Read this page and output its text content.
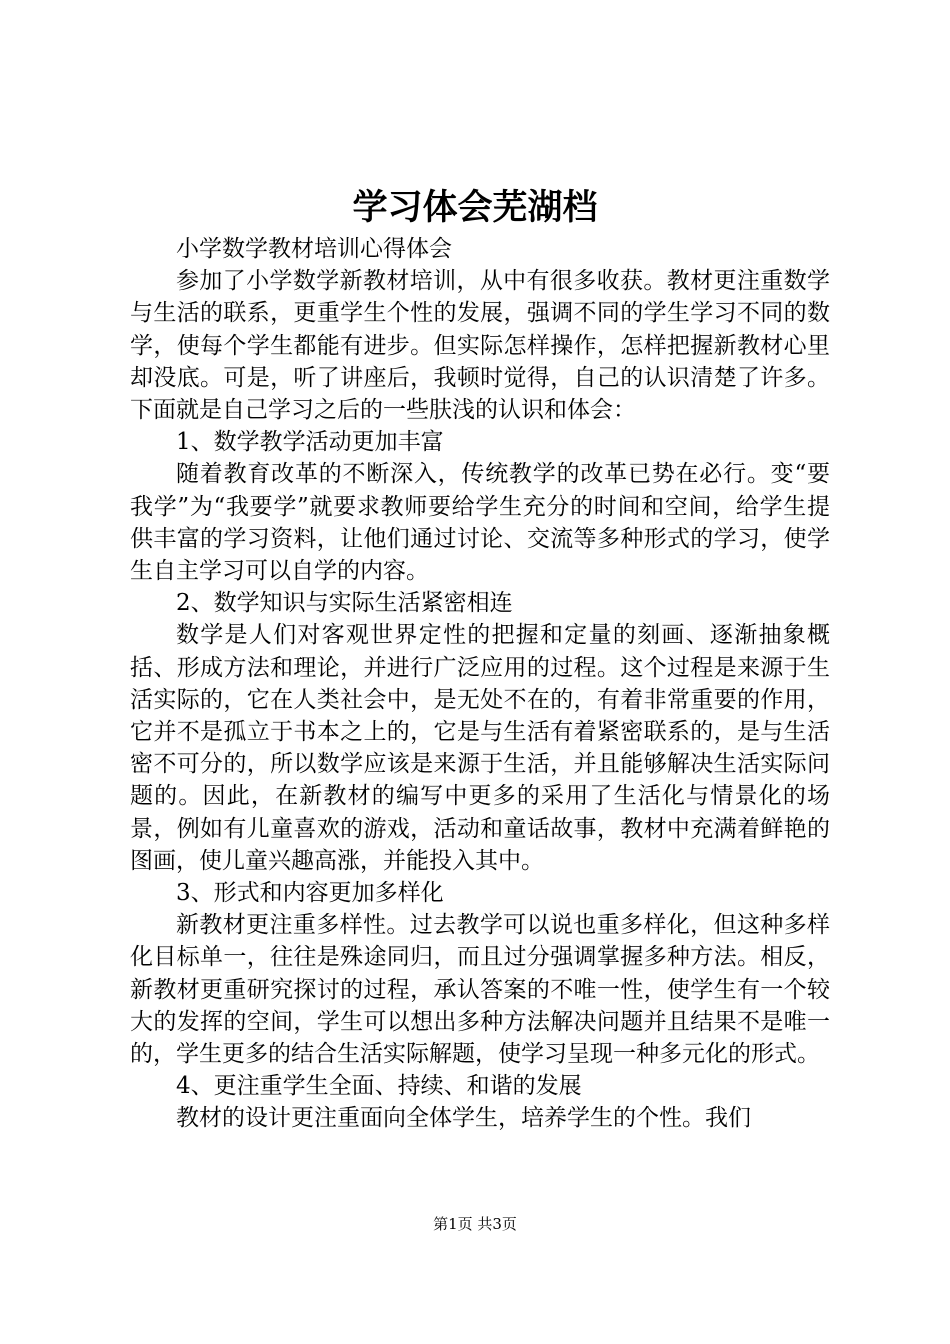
学习体会芜湖档

小学数学教材培训心得体会

参加了小学数学新教材培训，从中有很多收获。教材更注重数学与生活的联系，更重学生个性的发展，强调不同的学生学习不同的数学，使每个学生都能有进步。但实际怎样操作，怎样把握新教材心里却没底。可是，听了讲座后，我顿时觉得，自己的认识清楚了许多。下面就是自己学习之后的一些肤浅的认识和体会：

1、数学教学活动更加丰富

随着教育改革的不断深入，传统教学的改革已势在必行。变“要我学”为“我要学”就要求教师要给学生充分的时间和空间，给学生提供丰富的学习资料，让他们通过讨论、交流等多种形式的学习，使学生自主学习可以自学的内容。

2、数学知识与实际生活紧密相连

数学是人们对客观世界定性的把握和定量的刻画、逐渐抽象概括、形成方法和理论，并进行广泛应用的过程。这个过程是来源于生活实际的，它在人类社会中，是无处不在的，有着非常重要的作用，它并不是孤立于书本之上的，它是与生活有着紧密联系的，是与生活密不可分的，所以数学应该是来源于生活，并且能够解决生活实际问题的。因此，在新教材的编写中更多的采用了生活化与情景化的场景，例如有儿童喜欢的游戏，活动和童话故事，教材中充满着鲜艳的图画，使儿童兴趣高涨，并能投入其中。

3、形式和内容更加多样化

新教材更注重多样性。过去教学可以说也重多样化，但这种多样化目标单一，往往是殊途同归，而且过分强调掌握多种方法。相反，新教材更重研究探讨的过程，承认答案的不唯一性，使学生有一个较大的发挥的空间，学生可以想出多种方法解决问题并且结果不是唯一的，学生更多的结合生活实际解题，使学习呈现一种多元化的形式。

4、更注重学生全面、持续、和谐的发展

教材的设计更注重面向全体学生，培养学生的个性。我们

第1页 共3页
